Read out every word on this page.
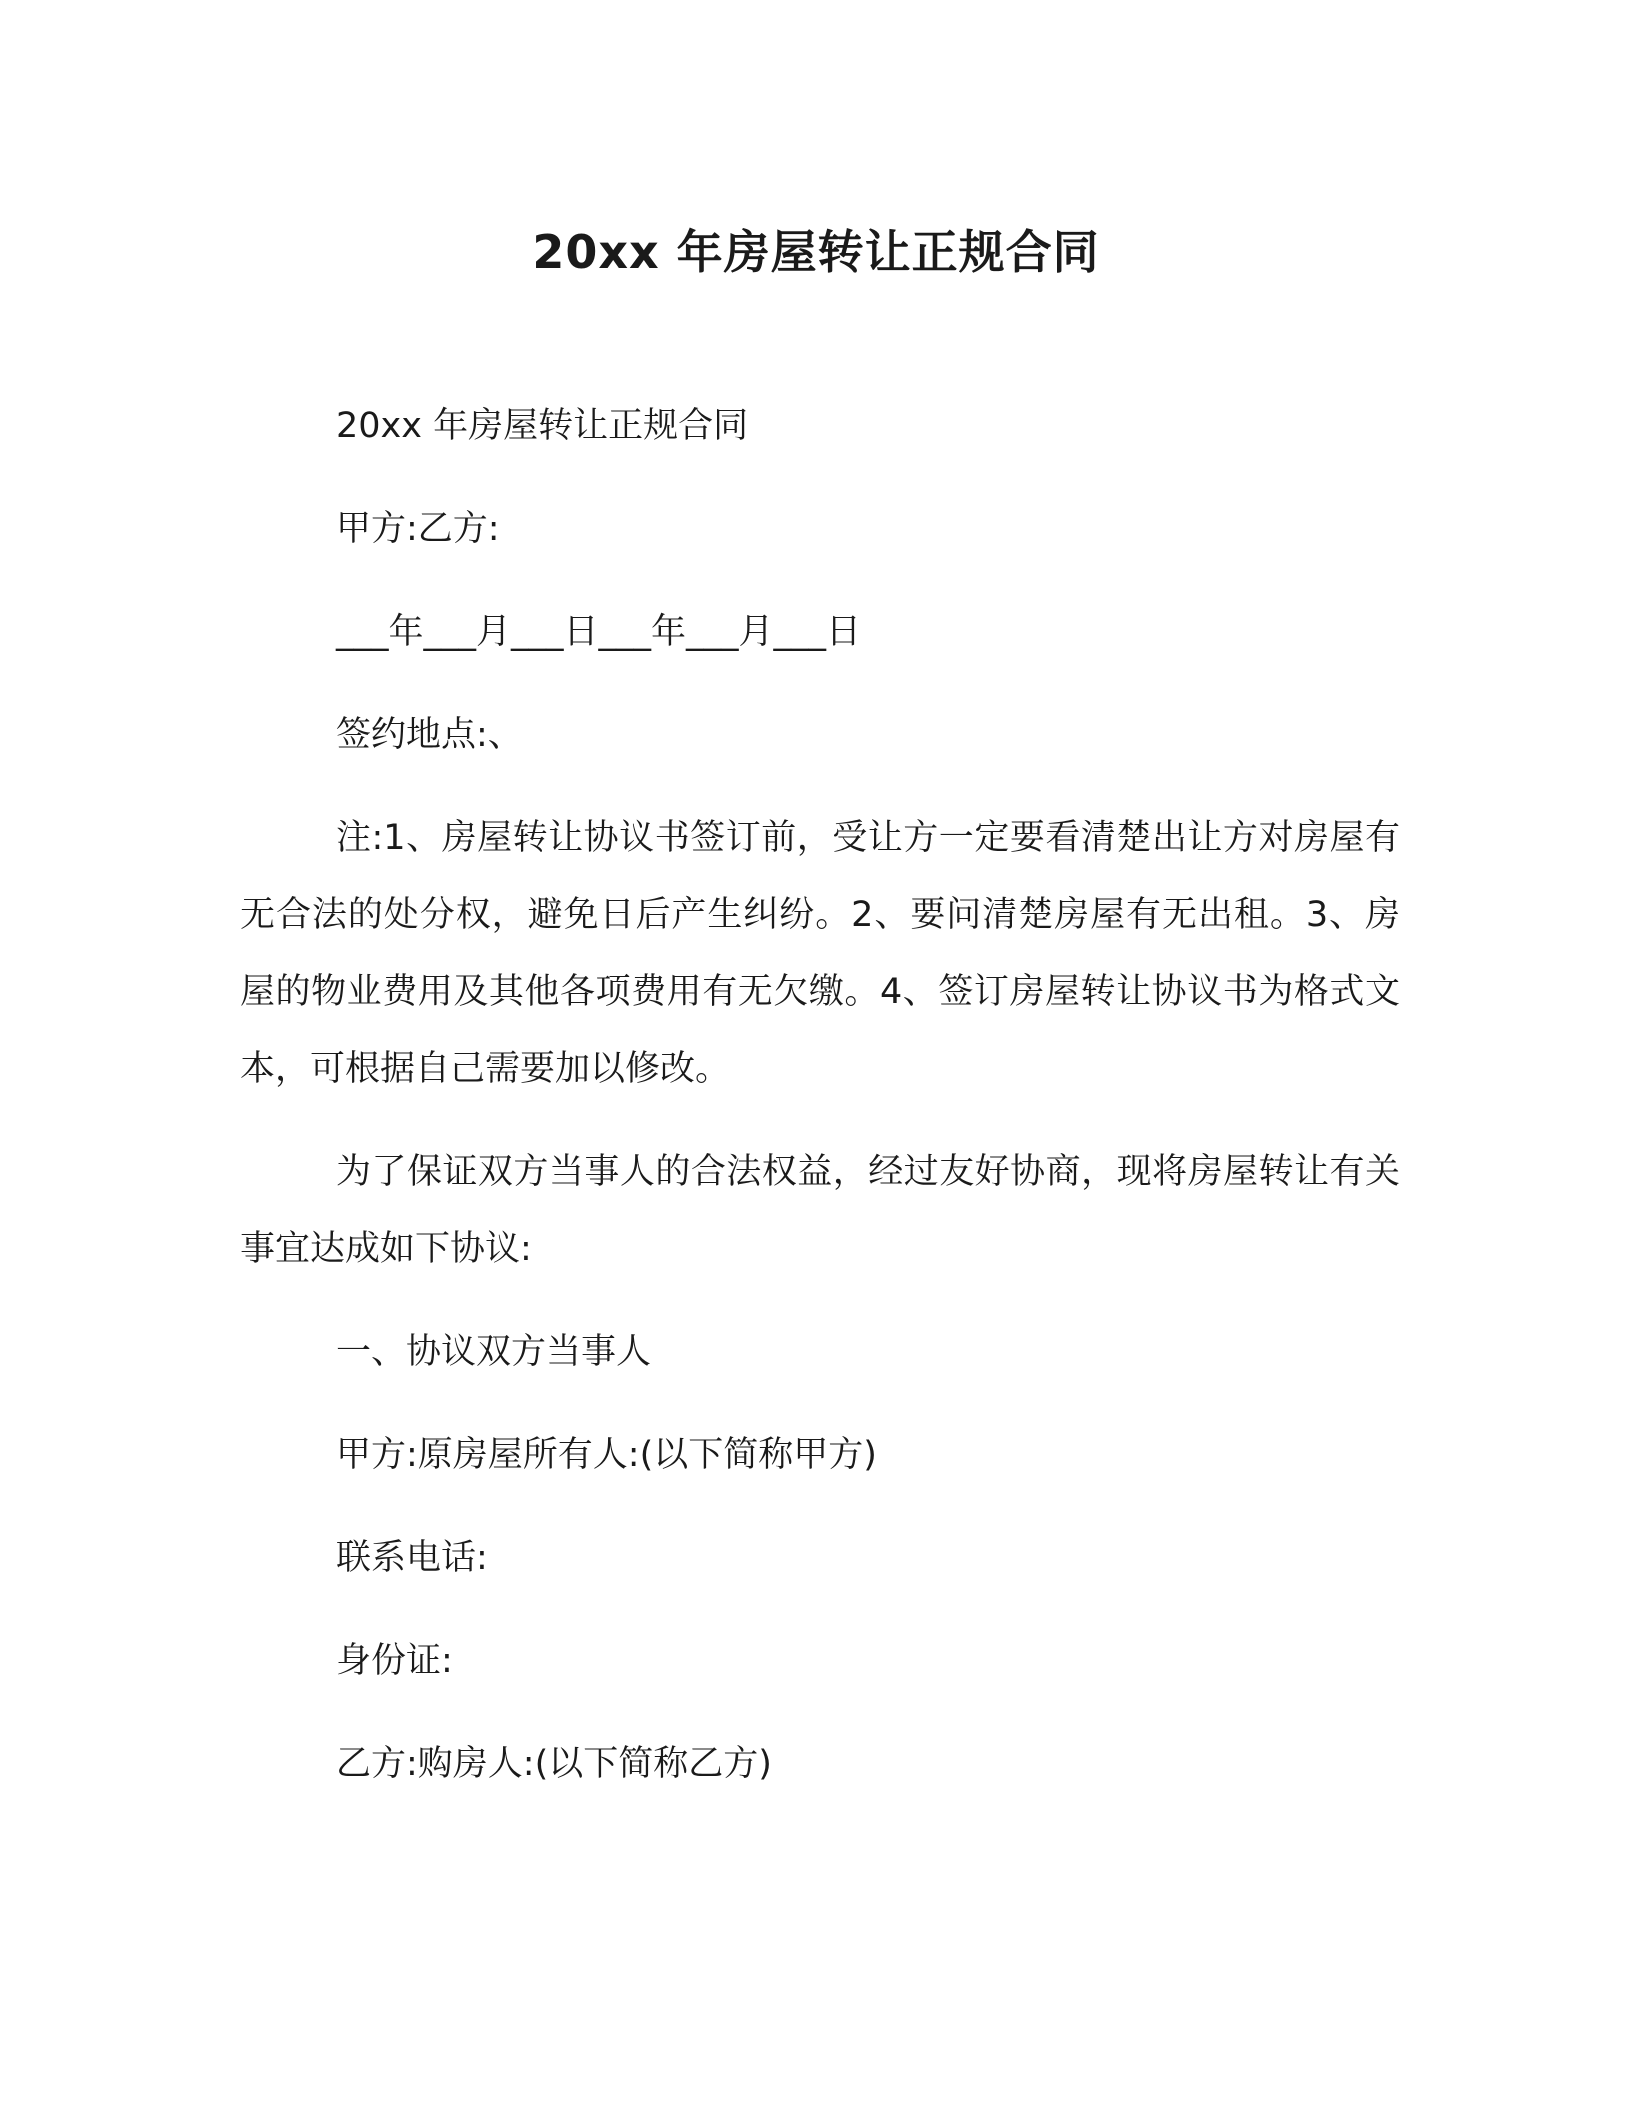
20xx 年房屋转让正规合同

20xx 年房屋转让正规合同

甲方:乙方:

___年___月___日___年___月___日

签约地点:、

注:1、房屋转让协议书签订前，受让方一定要看清楚出让方对房屋有无合法的处分权，避免日后产生纠纷。2、要问清楚房屋有无出租。3、房屋的物业费用及其他各项费用有无欠缴。4、签订房屋转让协议书为格式文本，可根据自己需要加以修改。

为了保证双方当事人的合法权益，经过友好协商，现将房屋转让有关事宜达成如下协议:

一、协议双方当事人

甲方:原房屋所有人:(以下简称甲方)

联系电话:

身份证:

乙方:购房人:(以下简称乙方)
